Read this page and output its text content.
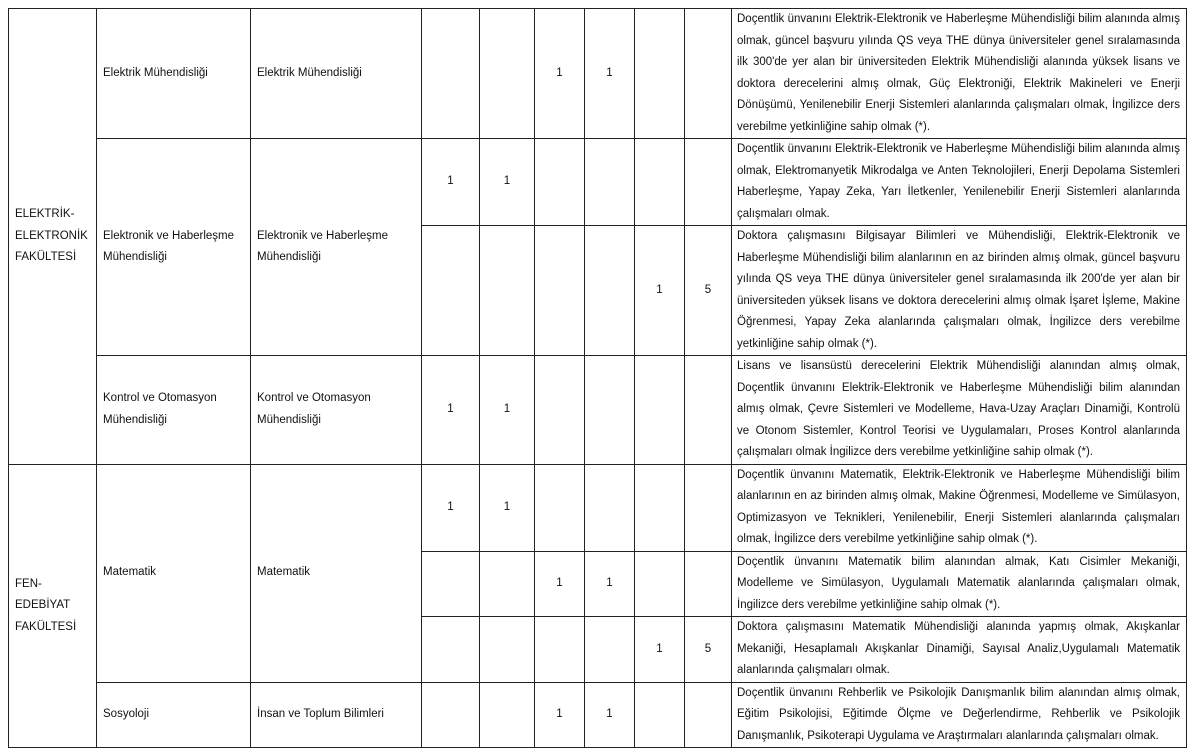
ELEKTRİK-ELEKTRONİK FAKÜLTESİ	Elektrik Mühendisliği	Elektrik Mühendisliği			1	1			Doçentlik ünvanını Elektrik-Elektronik ve Haberleşme Mühendisliği bilim alanında almış olmak, güncel başvuru yılında QS veya THE dünya üniversiteler genel sıralamasında ilk 300'de yer alan bir üniversiteden Elektrik Mühendisliği alanında yüksek lisans ve doktora derecelerini almış olmak, Güç Elektroniği, Elektrik Makineleri ve Enerji Dönüşümü, Yenilenebilir Enerji Sistemleri alanlarında çalışmaları olmak, İngilizce ders verebilme yetkinliğine sahip olmak (*).
	Elektronik ve Haberleşme Mühendisliği	Elektronik ve Haberleşme Mühendisliği	1	1					Doçentlik ünvanını Elektrik-Elektronik ve Haberleşme Mühendisliği bilim alanında almış olmak, Elektromanyetik Mikrodalga ve Anten Teknolojileri, Enerji Depolama Sistemleri Haberleşme, Yapay Zeka, Yarı İletkenler, Yenilenebilir Enerji Sistemleri alanlarında çalışmaları olmak.
							1	5	Doktora çalışmasını Bilgisayar Bilimleri ve Mühendisliği, Elektrik-Elektronik ve Haberleşme Mühendisliği bilim alanlarının en az birinden almış olmak, güncel başvuru yılında QS veya THE dünya üniversiteler genel sıralamasında ilk 200'de yer alan bir üniversiteden yüksek lisans ve doktora derecelerini almış olmak İşaret İşleme, Makine Öğrenmesi, Yapay Zeka alanlarında çalışmaları olmak, İngilizce ders verebilme yetkinliğine sahip olmak (*).
	Kontrol ve Otomasyon Mühendisliği	Kontrol ve Otomasyon Mühendisliği	1	1					Lisans ve lisansüstü derecelerini Elektrik Mühendisliği alanından almış olmak, Doçentlik ünvanını Elektrik-Elektronik ve Haberleşme Mühendisliği bilim alanından almış olmak, Çevre Sistemleri ve Modelleme, Hava-Uzay Araçları Dinamiği, Kontrolü ve Otonom Sistemler, Kontrol Teorisi ve Uygulamaları, Proses Kontrol alanlarında çalışmaları olmak İngilizce ders verebilme yetkinliğine sahip olmak (*).
FEN-EDEBİYAT FAKÜLTESİ	Matematik	Matematik	1	1					Doçentlik ünvanını Matematik, Elektrik-Elektronik ve Haberleşme Mühendisliği bilim alanlarının en az birinden almış olmak, Makine Öğrenmesi, Modelleme ve Simülasyon, Optimizasyon ve Teknikleri, Yenilenebilir, Enerji Sistemleri alanlarında çalışmaları olmak, İngilizce ders verebilme yetkinliğine sahip olmak (*).
					1	1			Doçentlik ünvanını Matematik bilim alanından almak, Katı Cisimler Mekaniği, Modelleme ve Simülasyon, Uygulamalı Matematik alanlarında çalışmaları olmak, İngilizce ders verebilme yetkinliğine sahip olmak (*).
							1	5	Doktora çalışmasını Matematik Mühendisliği alanında yapmış olmak, Akışkanlar Mekaniği, Hesaplamalı Akışkanlar Dinamiği, Sayısal Analiz,Uygulamalı Matematik alanlarında çalışmaları olmak.
	Sosyoloji	İnsan ve Toplum Bilimleri			1	1			Doçentlik ünvanını Rehberlik ve Psikolojik Danışmanlık bilim alanından almış olmak, Eğitim Psikolojisi, Eğitimde Ölçme ve Değerlendirme, Rehberlik ve Psikolojik Danışmanlık, Psikoterapi Uygulama ve Araştırmaları alanlarında çalışmaları olmak.
